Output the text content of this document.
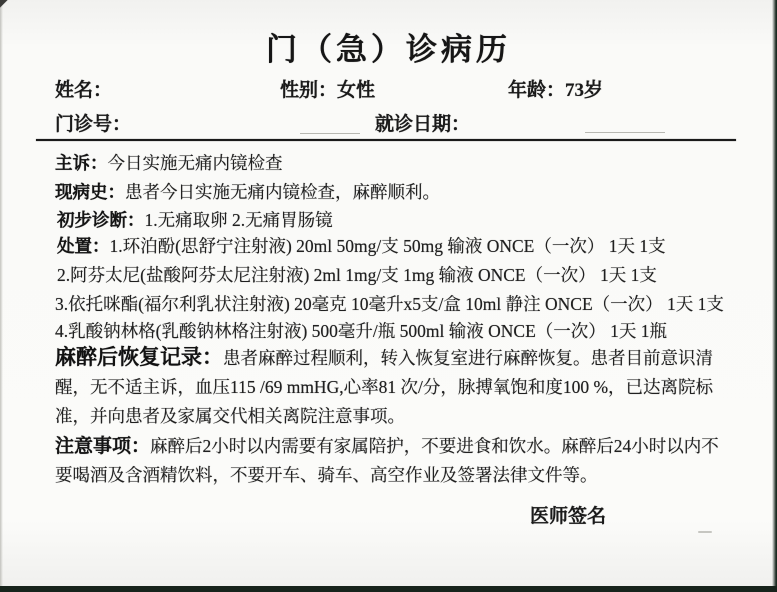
门（急）诊病历
姓名：	性别：女性	年龄：73岁
门诊号：	就诊日期：
主诉：今日实施无痛内镜检查
现病史：患者今日实施无痛内镜检查，麻醉顺利。
初步诊断：1.无痛取卵 2.无痛胃肠镜
处置：1.环泊酚(思舒宁注射液) 20ml 50mg/支 50mg 输液 ONCE（一次） 1天 1支
2.阿芬太尼(盐酸阿芬太尼注射液) 2ml 1mg/支 1mg 输液 ONCE（一次） 1天 1支
3.依托咪酯(福尔利乳状注射液) 20毫克 10毫升x5支/盒 10ml 静注 ONCE（一次） 1天 1支
4.乳酸钠林格(乳酸钠林格注射液) 500毫升/瓶 500ml 输液 ONCE（一次） 1天 1瓶
麻醉后恢复记录：患者麻醉过程顺利，转入恢复室进行麻醉恢复。患者目前意识清醒，无不适主诉，血压115 /69 mmHG,心率81 次/分，脉搏氧饱和度100 %，已达离院标准，并向患者及家属交代相关离院注意事项。
注意事项：麻醉后2小时以内需要有家属陪护，不要进食和饮水。麻醉后24小时以内不要喝酒及含酒精饮料，不要开车、骑车、高空作业及签署法律文件等。
医师签名
